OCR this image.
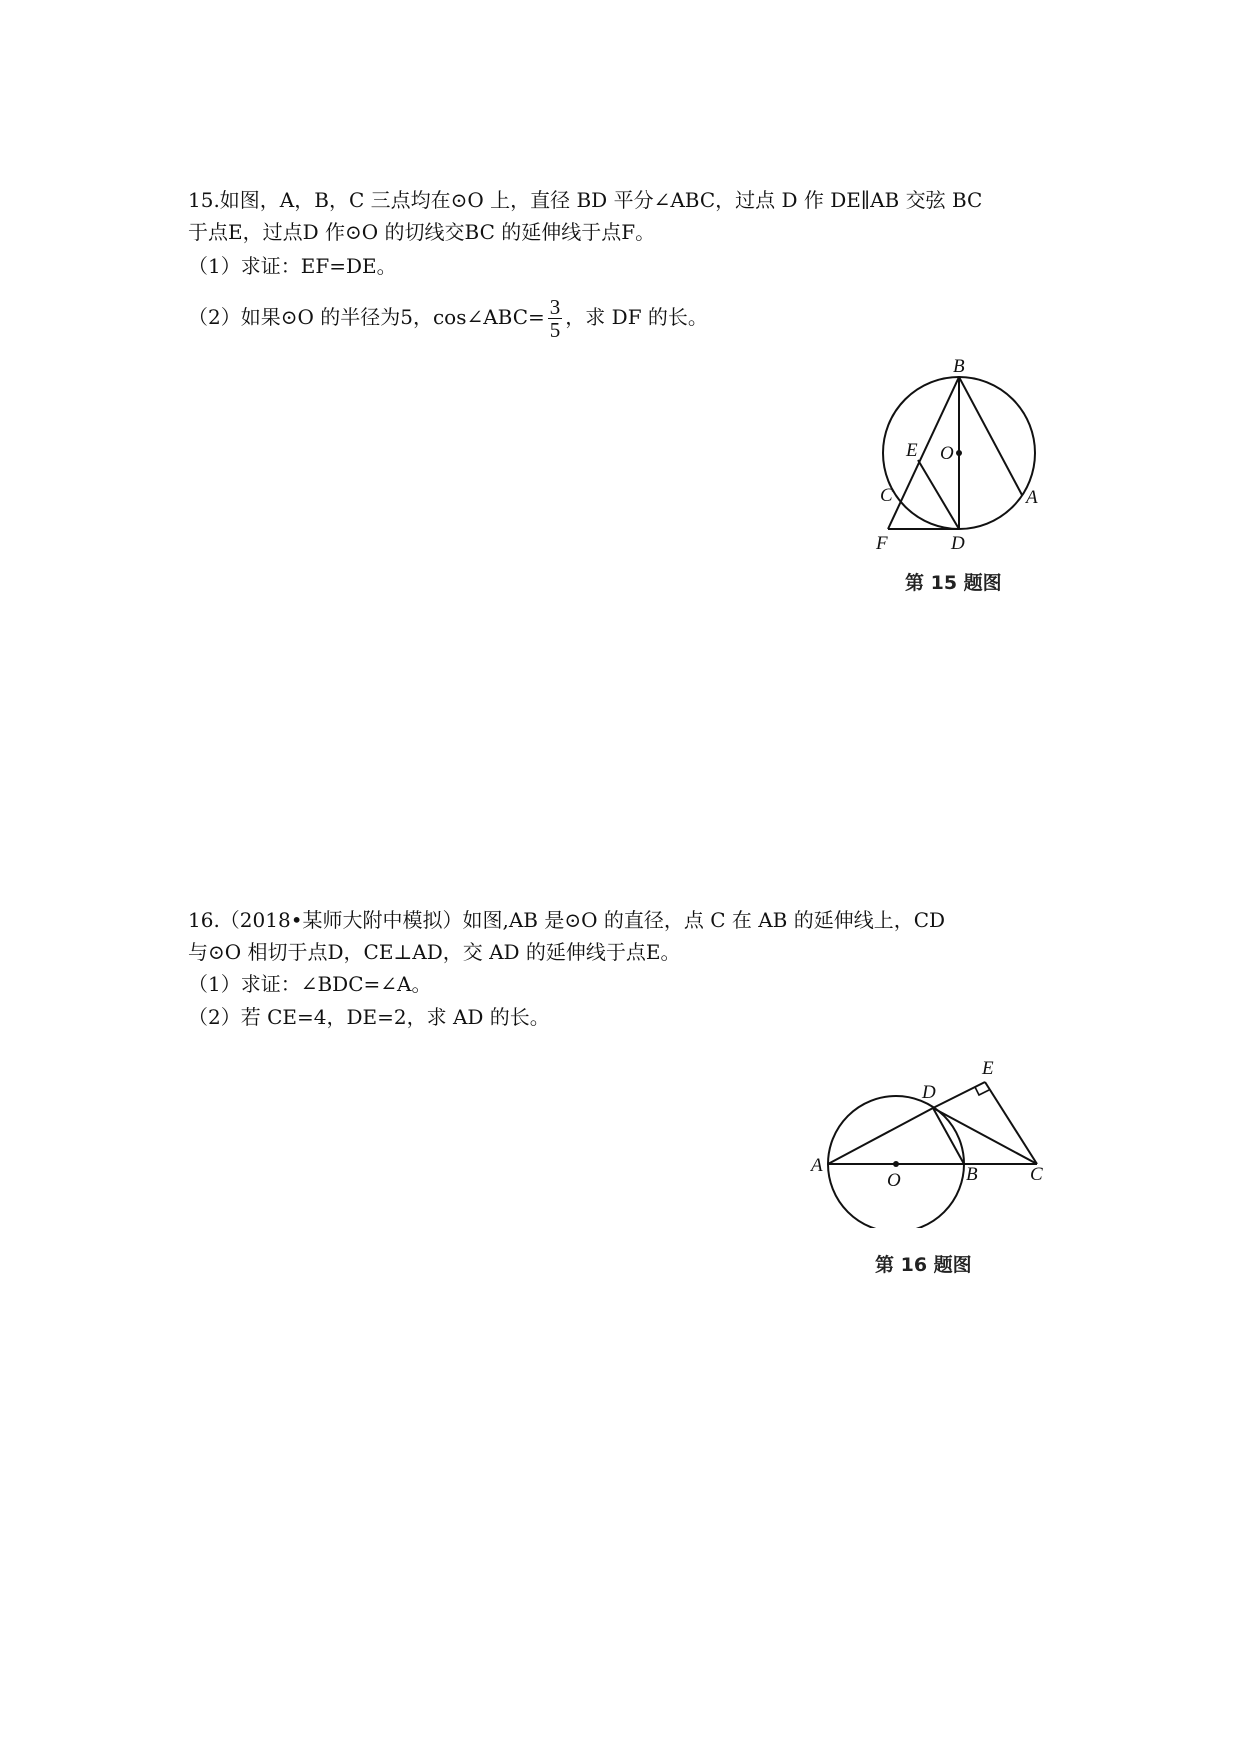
15.如图，A，B，C 三点均在⊙O 上，直径 BD 平分∠ABC，过点 D 作 DE∥AB 交弦 BC
于点E，过点D 作⊙O 的切线交BC 的延伸线于点F。
（1）求证：EF=DE。
（2）如果⊙O 的半径为5，cos∠ABC= $\frac{3}{5}$ ，求 DF 的长。
B
O
E
C	A
F	D
第 15 题图
16.（2018•某师大附中模拟）如图,AB 是⊙O 的直径，点 C 在 AB 的延伸线上，CD
与⊙O 相切于点D，CE⊥AD，交 AD 的延伸线于点E。
（1）求证：∠BDC=∠A。
（2）若 CE=4，DE=2，求 AD 的长。
E
D
A
O	B	C
第 16 题图
